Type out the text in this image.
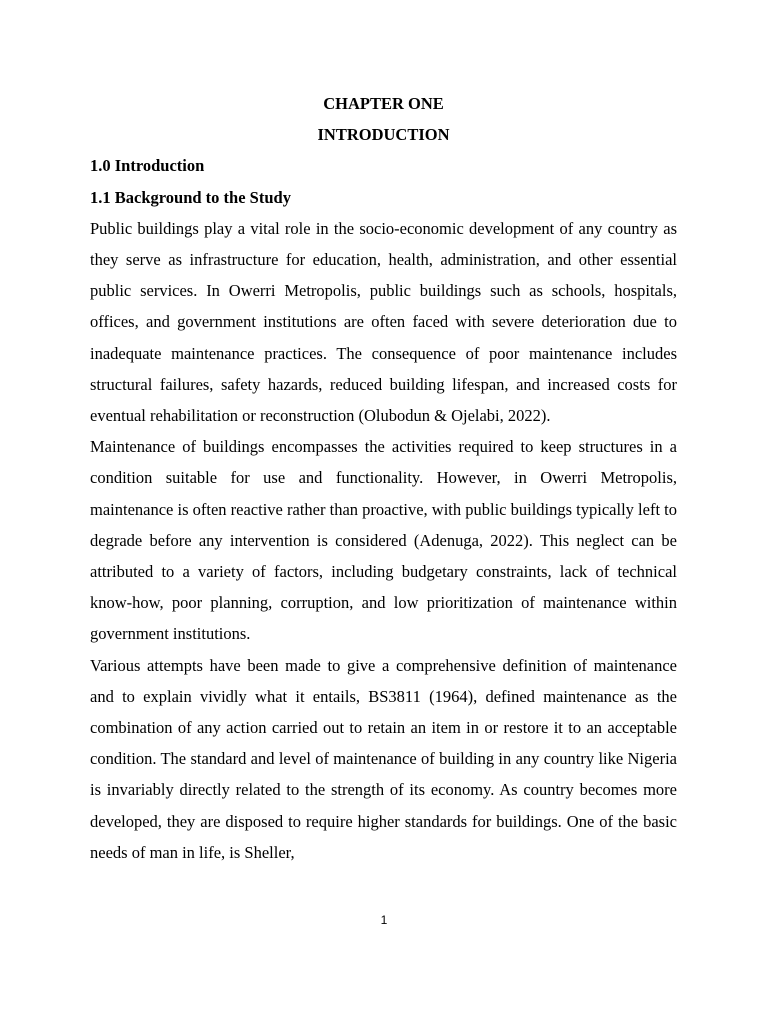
CHAPTER ONE

INTRODUCTION

1.0 Introduction

1.1 Background to the Study

Public buildings play a vital role in the socio-economic development of any country as they serve as infrastructure for education, health, administration, and other essential public services. In Owerri Metropolis, public buildings such as schools, hospitals, offices, and government institutions are often faced with severe deterioration due to inadequate maintenance practices. The consequence of poor maintenance includes structural failures, safety hazards, reduced building lifespan, and increased costs for eventual rehabilitation or reconstruction (Olubodun & Ojelabi, 2022).

Maintenance of buildings encompasses the activities required to keep structures in a condition suitable for use and functionality. However, in Owerri Metropolis, maintenance is often reactive rather than proactive, with public buildings typically left to degrade before any intervention is considered (Adenuga, 2022). This neglect can be attributed to a variety of factors, including budgetary constraints, lack of technical know-how, poor planning, corruption, and low prioritization of maintenance within government institutions.

Various attempts have been made to give a comprehensive definition of maintenance and to explain vividly what it entails, BS3811 (1964), defined maintenance as the combination of any action carried out to retain an item in or restore it to an acceptable condition. The standard and level of maintenance of building in any country like Nigeria is invariably directly related to the strength of its economy. As country becomes more developed, they are disposed to require higher standards for buildings. One of the basic needs of man in life, is Sheller,

1
